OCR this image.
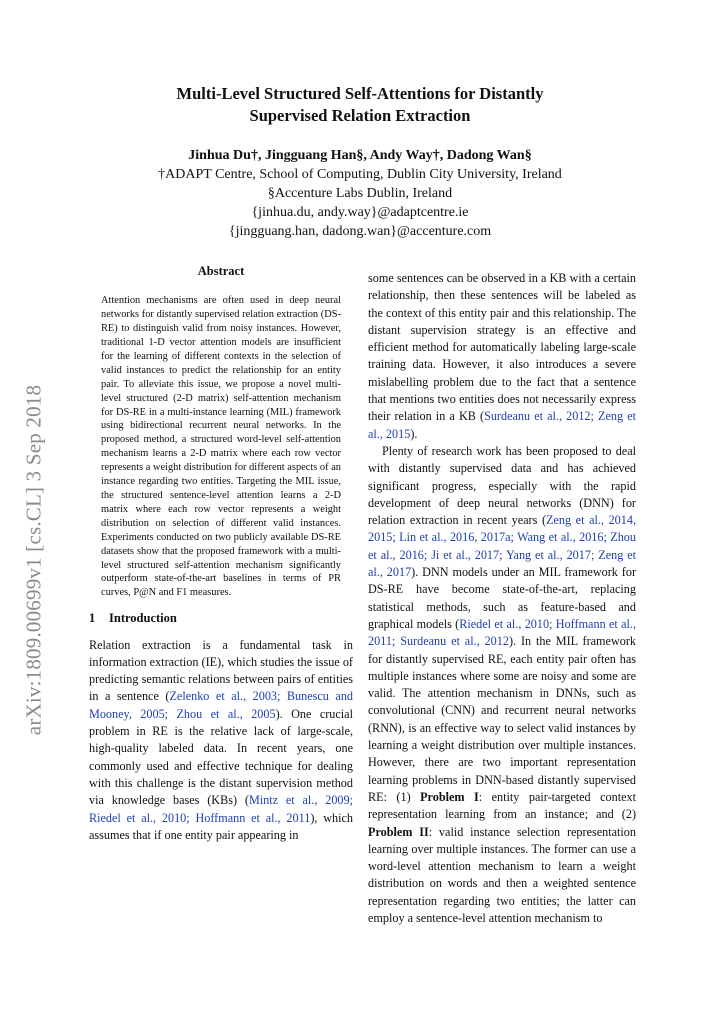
arXiv:1809.00699v1 [cs.CL] 3 Sep 2018
Multi-Level Structured Self-Attentions for Distantly
Supervised Relation Extraction
Jinhua Du†, Jingguang Han§, Andy Way†, Dadong Wan§
†ADAPT Centre, School of Computing, Dublin City University, Ireland
§Accenture Labs Dublin, Ireland
{jinhua.du, andy.way}@adaptcentre.ie
{jingguang.han, dadong.wan}@accenture.com
Abstract
Attention mechanisms are often used in deep neural networks for distantly supervised relation extraction (DS-RE) to distinguish valid from noisy instances. However, traditional 1-D vector attention models are insufficient for the learning of different contexts in the selection of valid instances to predict the relationship for an entity pair. To alleviate this issue, we propose a novel multi-level structured (2-D matrix) self-attention mechanism for DS-RE in a multi-instance learning (MIL) framework using bidirectional recurrent neural networks. In the proposed method, a structured word-level self-attention mechanism learns a 2-D matrix where each row vector represents a weight distribution for different aspects of an instance regarding two entities. Targeting the MIL issue, the structured sentence-level attention learns a 2-D matrix where each row vector represents a weight distribution on selection of different valid instances. Experiments conducted on two publicly available DS-RE datasets show that the proposed framework with a multi-level structured self-attention mechanism significantly outperform state-of-the-art baselines in terms of PR curves, P@N and F1 measures.
1 Introduction

Relation extraction is a fundamental task in information extraction (IE), which studies the issue of predicting semantic relations between pairs of entities in a sentence (Zelenko et al., 2003; Bunescu and Mooney, 2005; Zhou et al., 2005). One crucial problem in RE is the relative lack of large-scale, high-quality labeled data. In recent years, one commonly used and effective technique for dealing with this challenge is the distant supervision method via knowledge bases (KBs) (Mintz et al., 2009; Riedel et al., 2010; Hoffmann et al., 2011), which assumes that if one entity pair appearing in

some sentences can be observed in a KB with a certain relationship, then these sentences will be labeled as the context of this entity pair and this relationship. The distant supervision strategy is an effective and efficient method for automatically labeling large-scale training data. However, it also introduces a severe mislabelling problem due to the fact that a sentence that mentions two entities does not necessarily express their relation in a KB (Surdeanu et al., 2012; Zeng et al., 2015).

Plenty of research work has been proposed to deal with distantly supervised data and has achieved significant progress, especially with the rapid development of deep neural networks (DNN) for relation extraction in recent years (Zeng et al., 2014, 2015; Lin et al., 2016, 2017a; Wang et al., 2016; Zhou et al., 2016; Ji et al., 2017; Yang et al., 2017; Zeng et al., 2017). DNN models under an MIL framework for DS-RE have become state-of-the-art, replacing statistical methods, such as feature-based and graphical models (Riedel et al., 2010; Hoffmann et al., 2011; Surdeanu et al., 2012). In the MIL framework for distantly supervised RE, each entity pair often has multiple instances where some are noisy and some are valid. The attention mechanism in DNNs, such as convolutional (CNN) and recurrent neural networks (RNN), is an effective way to select valid instances by learning a weight distribution over multiple instances. However, there are two important representation learning problems in DNN-based distantly supervised RE: (1) Problem I: entity pair-targeted context representation learning from an instance; and (2) Problem II: valid instance selection representation learning over multiple instances. The former can use a word-level attention mechanism to learn a weight distribution on words and then a weighted sentence representation regarding two entities; the latter can employ a sentence-level attention mechanism to
